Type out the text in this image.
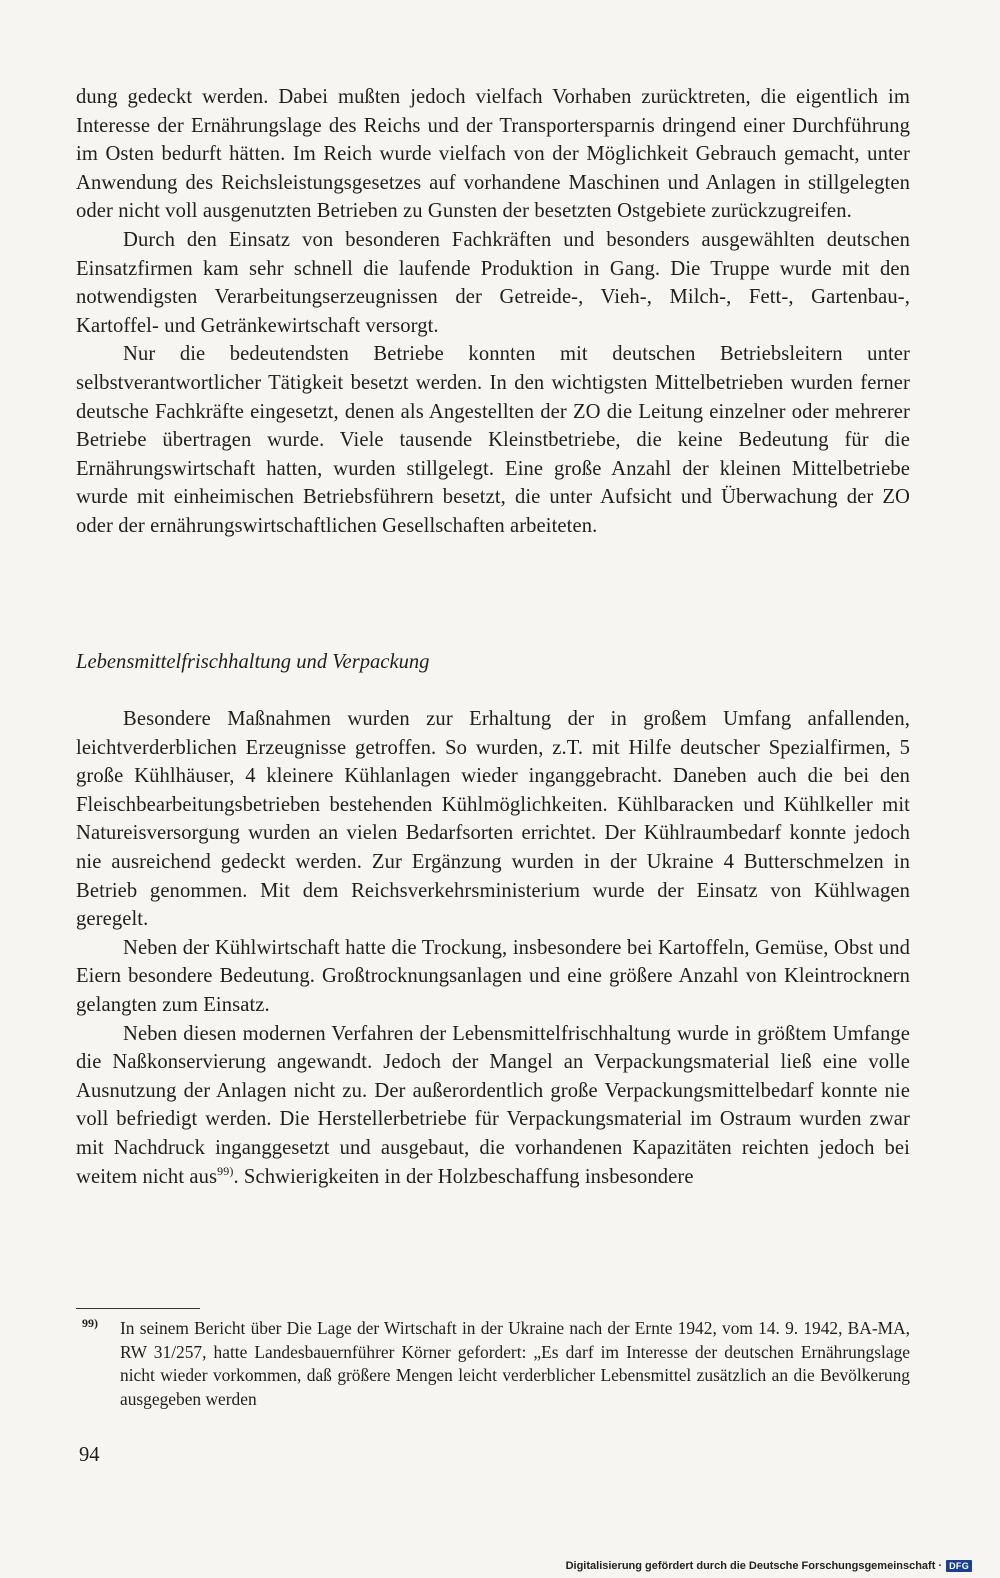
dung gedeckt werden. Dabei mußten jedoch vielfach Vorhaben zurücktreten, die eigentlich im Interesse der Ernährungslage des Reichs und der Transportersparnis dringend einer Durchführung im Osten bedurft hätten. Im Reich wurde vielfach von der Möglichkeit Gebrauch gemacht, unter Anwendung des Reichsleistungsgesetzes auf vorhandene Maschinen und Anlagen in stillgelegten oder nicht voll ausgenutzten Betrieben zu Gunsten der besetzten Ostgebiete zurückzugreifen.

Durch den Einsatz von besonderen Fachkräften und besonders ausgewählten deutschen Einsatzfirmen kam sehr schnell die laufende Produktion in Gang. Die Truppe wurde mit den notwendigsten Verarbeitungserzeugnissen der Getreide-, Vieh-, Milch-, Fett-, Gartenbau-, Kartoffel- und Getränkewirtschaft versorgt.

Nur die bedeutendsten Betriebe konnten mit deutschen Betriebsleitern unter selbstverantwortlicher Tätigkeit besetzt werden. In den wichtigsten Mittelbetrieben wurden ferner deutsche Fachkräfte eingesetzt, denen als Angestellten der ZO die Leitung einzelner oder mehrerer Betriebe übertragen wurde. Viele tausende Kleinstbetriebe, die keine Bedeutung für die Ernährungswirtschaft hatten, wurden stillgelegt. Eine große Anzahl der kleinen Mittelbetriebe wurde mit einheimischen Betriebsführern besetzt, die unter Aufsicht und Überwachung der ZO oder der ernährungswirtschaftlichen Gesellschaften arbeiteten.

Lebensmittelfrischhaltung und Verpackung

Besondere Maßnahmen wurden zur Erhaltung der in großem Umfang anfallenden, leichtverderblichen Erzeugnisse getroffen. So wurden, z.T. mit Hilfe deutscher Spezialfirmen, 5 große Kühlhäuser, 4 kleinere Kühlanlagen wieder inganggebracht. Daneben auch die bei den Fleischbearbeitungsbetrieben bestehenden Kühlmöglichkeiten. Kühlbaracken und Kühlkeller mit Natureisversorgung wurden an vielen Bedarfsorten errichtet. Der Kühlraumbedarf konnte jedoch nie ausreichend gedeckt werden. Zur Ergänzung wurden in der Ukraine 4 Butterschmelzen in Betrieb genommen. Mit dem Reichsverkehrsministerium wurde der Einsatz von Kühlwagen geregelt.

Neben der Kühlwirtschaft hatte die Trockung, insbesondere bei Kartoffeln, Gemüse, Obst und Eiern besondere Bedeutung. Großtrocknungsanlagen und eine größere Anzahl von Kleintrocknern gelangten zum Einsatz.

Neben diesen modernen Verfahren der Lebensmittelfrischhaltung wurde in größtem Umfange die Naßkonservierung angewandt. Jedoch der Mangel an Verpackungsmaterial ließ eine volle Ausnutzung der Anlagen nicht zu. Der außerordentlich große Verpackungsmittelbedarf konnte nie voll befriedigt werden. Die Herstellerbetriebe für Verpackungsmaterial im Ostraum wurden zwar mit Nachdruck inganggesetzt und ausgebaut, die vorhandenen Kapazitäten reichten jedoch bei weitem nicht aus$^{99)}$. Schwierigkeiten in der Holzbeschaffung insbesondere

$^{99)}$ In seinem Bericht über Die Lage der Wirtschaft in der Ukraine nach der Ernte 1942, vom 14. 9. 1942, BA-MA, RW 31/257, hatte Landesbauernführer Körner gefordert: „Es darf im Interesse der deutschen Ernährungslage nicht wieder vorkommen, daß größere Mengen leicht verderblicher Lebensmittel zusätzlich an die Bevölkerung ausgegeben werden
94
Digitalisierung gefördert durch die Deutsche Forschungsgemeinschaft · DFG
